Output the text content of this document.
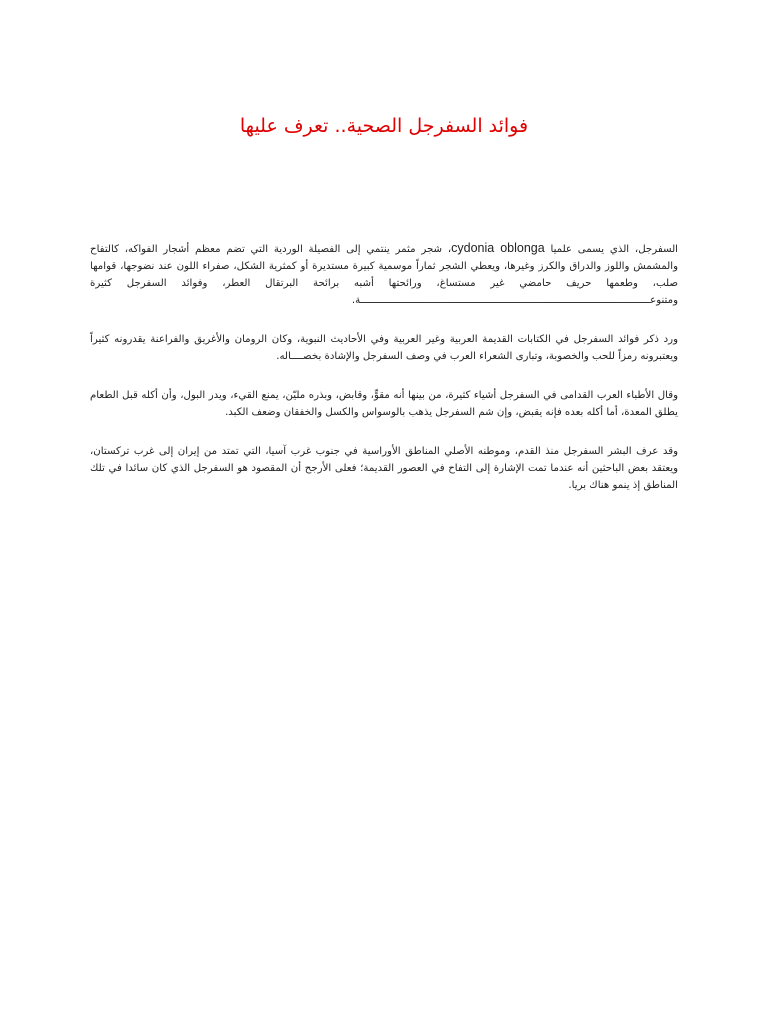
فوائد السفرجل الصحية.. تعرف عليها

السفرجل، الذي يسمى علميا cydonia oblonga، شجر مثمر ينتمي إلى الفصيلة الوردية التي تضم معظم أشجار الفواكه، كالتفاح والمشمش واللوز والدراق والكرز وغيرها، ويعطي الشجر ثماراً موسمية كبيرة مستديرة أو كمثرية الشكل، صفراء اللون عند نضوجها، قوامها صلب، وطعمها حريف حامضي غير مستساغ، ورائحتها أشبه برائحة البرتقال العطر، وفوائد السفرجل كثيرة ومتنوعـــــــــــــــــــــــــــــــــــــــــــــــــــــــــــــــــــــــــــــــــــــــــــــــــة.

ورد ذكر فوائد السفرجل في الكتابات القديمة العربية وغير العربية وفي الأحاديث النبوية، وكان الرومان والأغريق والفراعنة يقدرونه كثيراً ويعتبرونه رمزاً للحب والخصوبة، وتبارى الشعراء العرب في وصف السفرجل والإشادة بخصــــاله.

وقال الأطباء العرب القدامى في السفرجل أشياء كثيرة، من بينها أنه مقوٍّ، وقابض، وبذره مليّن، يمنع القيء، ويدر البول، وأن أكله قبل الطعام يطلق المعدة، أما أكله بعده فإنه يقبض، وإن شم السفرجل يذهب بالوسواس والكسل والخفقان وضعف الكبد.

وقد عرف البشر السفرجل منذ القدم، وموطنه الأصلي المناطق الأوراسية في جنوب غرب آسيا، التي تمتد من إيران إلى غرب تركستان، ويعتقد بعض الباحثين أنه عندما تمت الإشارة إلى التفاح في العصور القديمة؛ فعلى الأرجح أن المقصود هو السفرجل الذي كان سائدا في تلك المناطق إذ ينمو هناك بريا.
